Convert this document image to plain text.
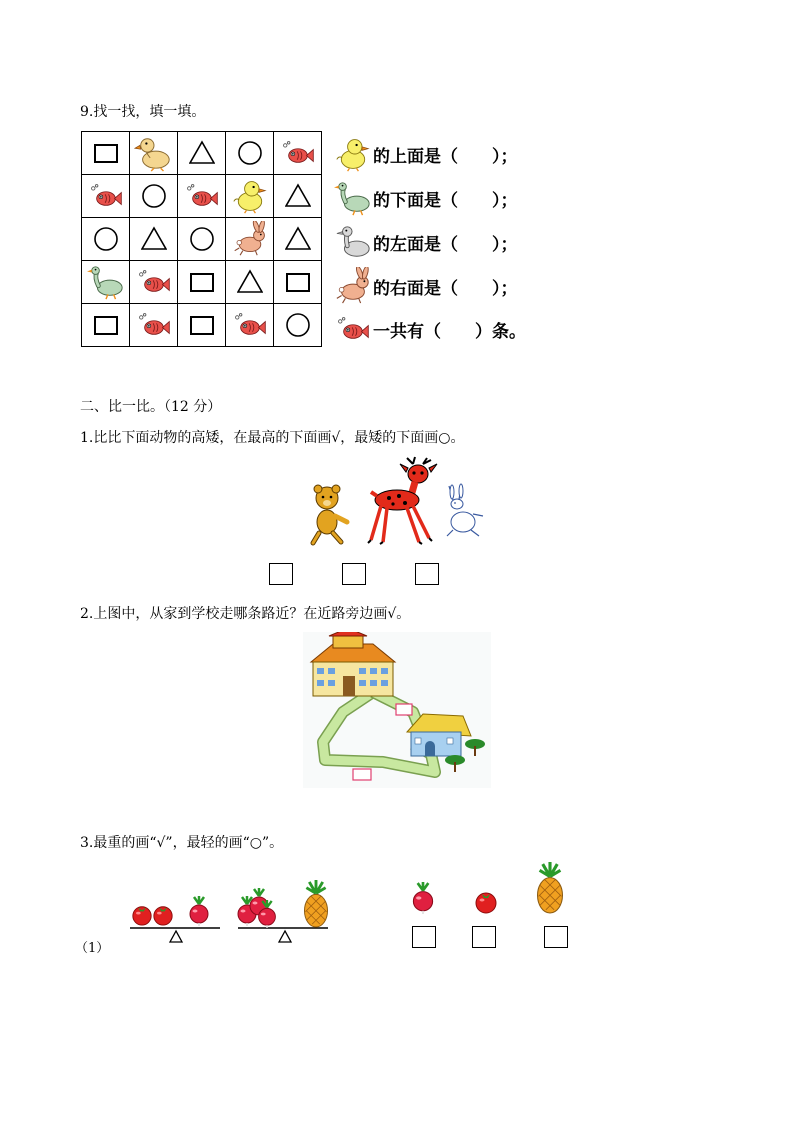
9.找一找，填一填。

的上面是（　　）；
的下面是（　　）；
的左面是（　　）；
的右面是（　　）；
一共有（　　）条。
二、比一比。（12 分）
1.比比下面动物的高矮，在最高的下面画√，最矮的下面画○。
2.上图中，从家到学校走哪条路近？在近路旁边画√。
3.最重的画“√”，最轻的画“○”。
（1）
